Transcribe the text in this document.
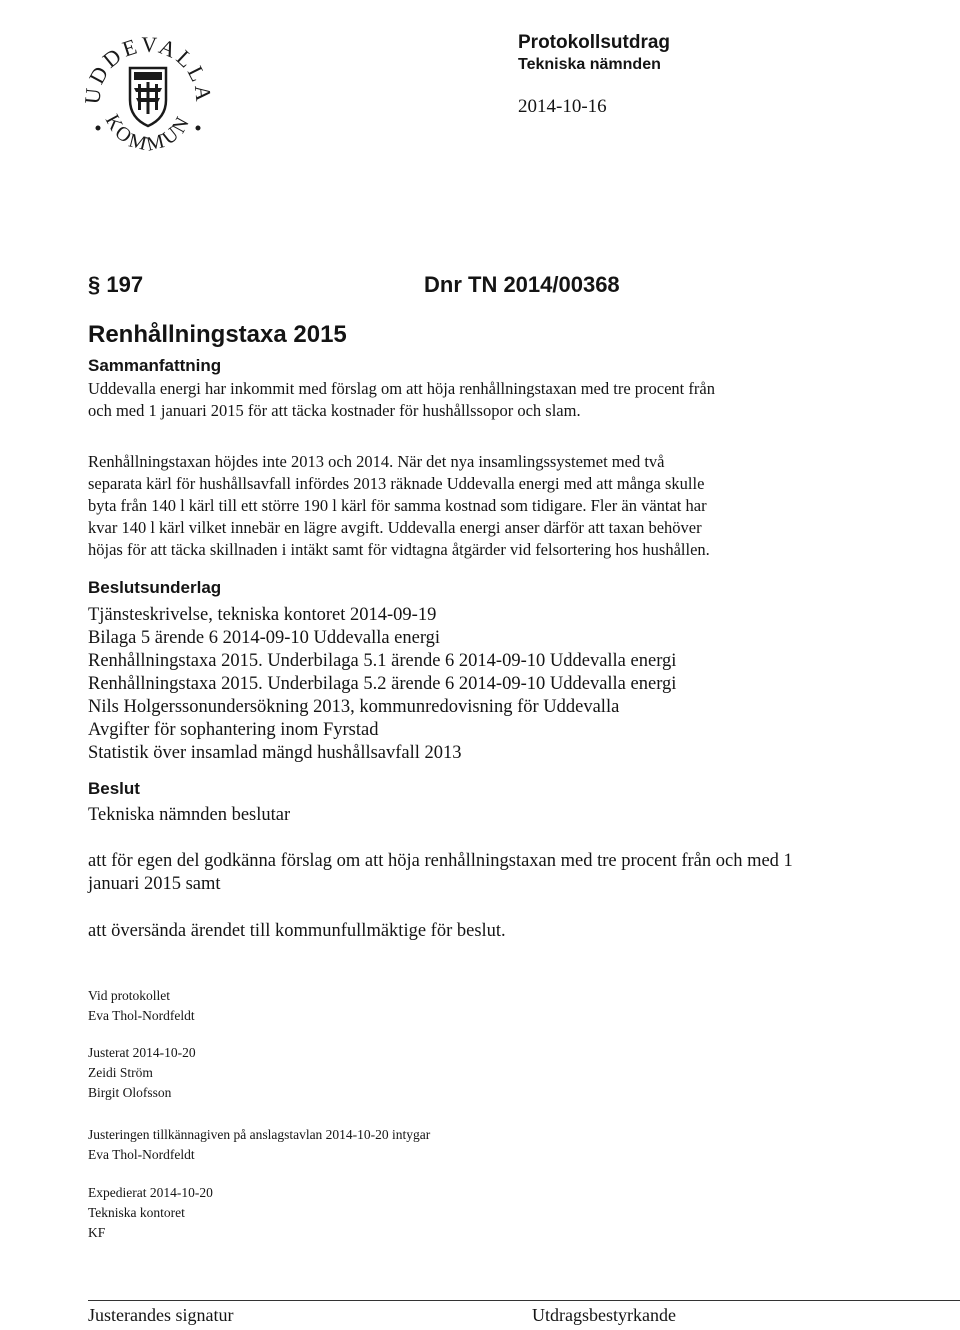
UDDEVALLA
KOMMUN
Protokollsutdrag
Tekniska nämnden
2014-10-16
§ 197	Dnr TN 2014/00368
Renhållningstaxa 2015
Sammanfattning
Uddevalla energi har inkommit med förslag om att höja renhållningstaxan med tre procent från
och med 1 januari 2015 för att täcka kostnader för hushållssopor och slam.
Renhållningstaxan höjdes inte 2013 och 2014. När det nya insamlingssystemet med två
separata kärl för hushållsavfall infördes 2013 räknade Uddevalla energi med att många skulle
byta från 140 l kärl till ett större 190 l kärl för samma kostnad som tidigare. Fler än väntat har
kvar 140 l kärl vilket innebär en lägre avgift. Uddevalla energi anser därför att taxan behöver
höjas för att täcka skillnaden i intäkt samt för vidtagna åtgärder vid felsortering hos hushållen.
Beslutsunderlag
Tjänsteskrivelse, tekniska kontoret 2014-09-19
Bilaga 5 ärende 6 2014-09-10 Uddevalla energi
Renhållningstaxa 2015. Underbilaga 5.1 ärende 6 2014-09-10 Uddevalla energi
Renhållningstaxa 2015. Underbilaga 5.2 ärende 6 2014-09-10 Uddevalla energi
Nils Holgerssonundersökning 2013, kommunredovisning för Uddevalla
Avgifter för sophantering inom Fyrstad
Statistik över insamlad mängd hushållsavfall 2013
Beslut
Tekniska nämnden beslutar
att för egen del godkänna förslag om att höja renhållningstaxan med tre procent från och med 1
januari 2015 samt
att översända ärendet till kommunfullmäktige för beslut.
Vid protokollet
Eva Thol-Nordfeldt
Justerat 2014-10-20
Zeidi Ström
Birgit Olofsson
Justeringen tillkännagiven på anslagstavlan 2014-10-20 intygar
Eva Thol-Nordfeldt
Expedierat 2014-10-20
Tekniska kontoret
KF
Justerandes signatur	Utdragsbestyrkande
